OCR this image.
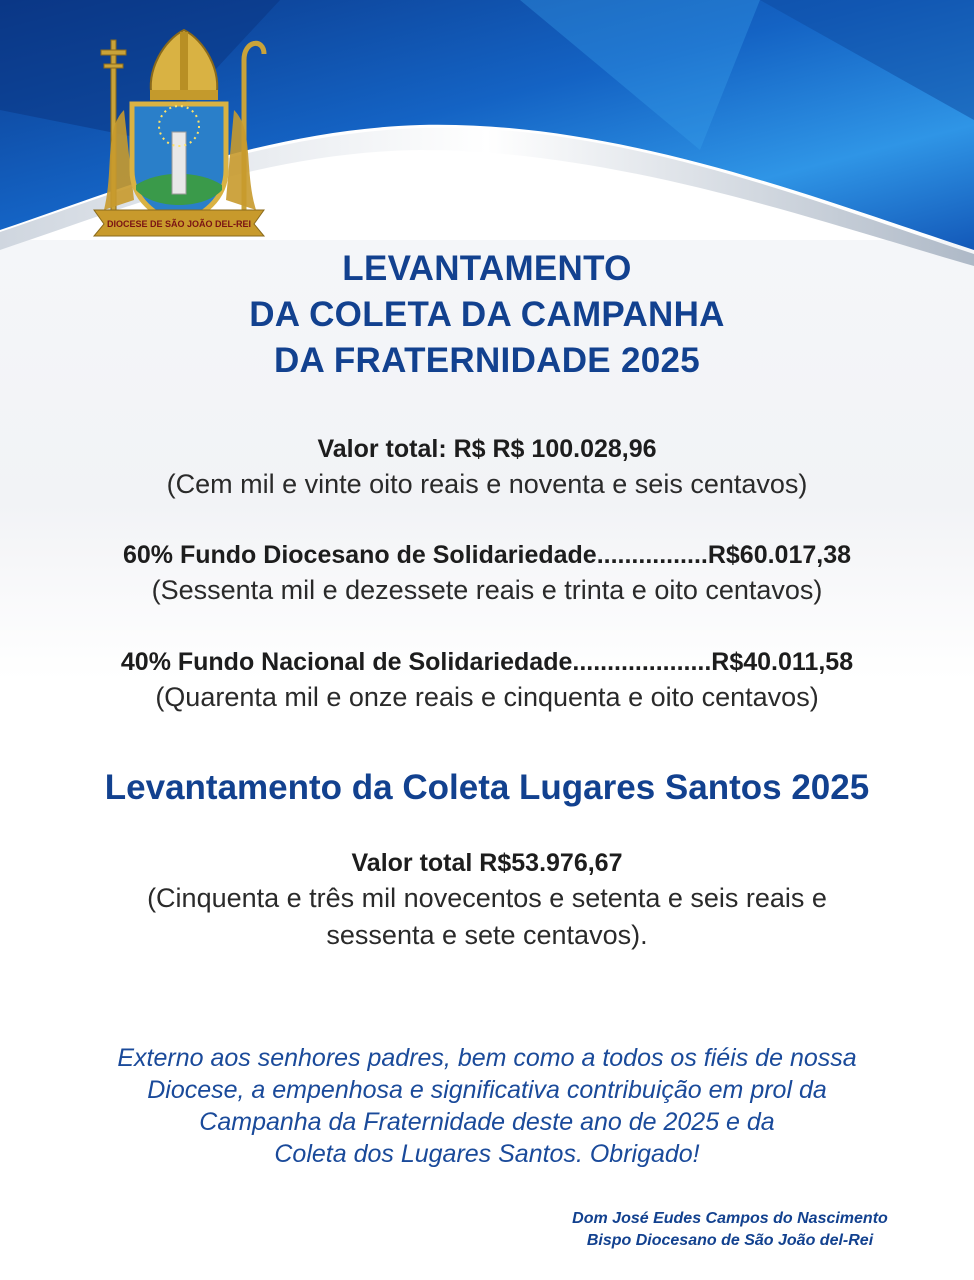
DIOCESE DE SÃO JOÃO DEL-REI
LEVANTAMENTO
DA COLETA DA CAMPANHA
DA FRATERNIDADE 2025
Valor total: R$ R$ 100.028,96
(Cem mil e vinte oito reais e noventa e seis centavos)
60% Fundo Diocesano de Solidariedade................R$60.017,38
(Sessenta mil e dezessete reais e trinta e oito centavos)
40% Fundo Nacional de Solidariedade....................R$40.011,58
(Quarenta mil e onze reais e cinquenta e oito centavos)
Levantamento da Coleta Lugares Santos 2025
Valor total R$53.976,67
(Cinquenta e três mil novecentos e setenta e seis reais e
sessenta e sete centavos).
Externo aos senhores padres, bem como a todos os fiéis de nossa
Diocese, a empenhosa e significativa contribuição em prol da
Campanha da Fraternidade deste ano de 2025 e da
Coleta dos Lugares Santos. Obrigado!
Dom José Eudes Campos do Nascimento
Bispo Diocesano de São João del-Rei
